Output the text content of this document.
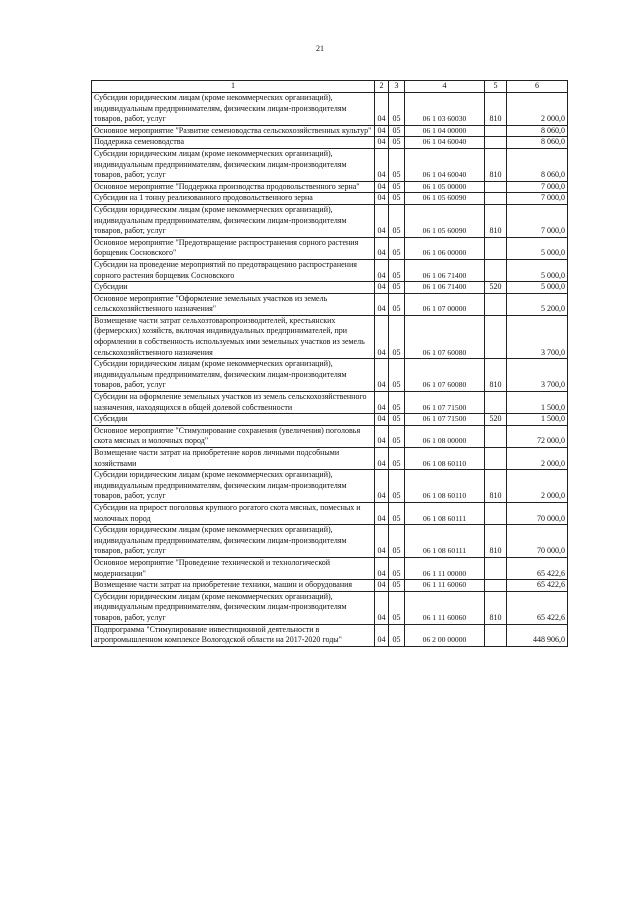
21
1	2	3	4	5	6
Субсидии юридическим лицам (кроме некоммерческих организаций), индивидуальным предпринимателям, физическим лицам-производителям товаров, работ, услуг	04	05	06 1 03 60030	810	2 000,0
Основное мероприятие "Развитие семеноводства сельскохозяйственных культур"	04	05	06 1 04 00000		8 060,0
Поддержка семеноводства	04	05	06 1 04 60040		8 060,0
Субсидии юридическим лицам (кроме некоммерческих организаций), индивидуальным предпринимателям, физическим лицам-производителям товаров, работ, услуг	04	05	06 1 04 60040	810	8 060,0
Основное мероприятие "Поддержка производства продовольственного зерна"	04	05	06 1 05 00000		7 000,0
Субсидии на 1 тонну реализованного продовольственного зерна	04	05	06 1 05 60090		7 000,0
Субсидии юридическим лицам (кроме некоммерческих организаций), индивидуальным предпринимателям, физическим лицам-производителям товаров, работ, услуг	04	05	06 1 05 60090	810	7 000,0
Основное мероприятие "Предотвращение распространения сорного растения борщевик Сосновского"	04	05	06 1 06 00000		5 000,0
Субсидии на проведение мероприятий по предотвращению распространения сорного растения борщевик Сосновского	04	05	06 1 06 71400		5 000,0
Субсидии	04	05	06 1 06 71400	520	5 000,0
Основное мероприятие "Оформление земельных участков из земель сельскохозяйственного назначения"	04	05	06 1 07 00000		5 200,0
Возмещение части затрат сельхозтоваропроизводителей, крестьянских (фермерских) хозяйств, включая индивидуальных предпринимателей, при оформлении в собственность используемых ими земельных участков из земель сельскохозяйственного назначения	04	05	06 1 07 60080		3 700,0
Субсидии юридическим лицам (кроме некоммерческих организаций), индивидуальным предпринимателям, физическим лицам-производителям товаров, работ, услуг	04	05	06 1 07 60080	810	3 700,0
Субсидии на оформление земельных участков из земель сельскохозяйственного назначения, находящихся в общей долевой собственности	04	05	06 1 07 71500		1 500,0
Субсидии	04	05	06 1 07 71500	520	1 500,0
Основное мероприятие "Стимулирование сохранения (увеличения) поголовья скота мясных и молочных пород"	04	05	06 1 08 00000		72 000,0
Возмещение части затрат на приобретение коров личными подсобными хозяйствами	04	05	06 1 08 60110		2 000,0
Субсидии юридическим лицам (кроме некоммерческих организаций), индивидуальным предпринимателям, физическим лицам-производителям товаров, работ, услуг	04	05	06 1 08 60110	810	2 000,0
Субсидии на прирост поголовья крупного рогатого скота мясных, помесных и молочных пород	04	05	06 1 08 60111		70 000,0
Субсидии юридическим лицам (кроме некоммерческих организаций), индивидуальным предпринимателям, физическим лицам-производителям товаров, работ, услуг	04	05	06 1 08 60111	810	70 000,0
Основное мероприятие "Проведение технической и технологической модернизации"	04	05	06 1 11 00000		65 422,6
Возмещение части затрат на приобретение техники, машин и оборудования	04	05	06 1 11 60060		65 422,6
Субсидии юридическим лицам (кроме некоммерческих организаций), индивидуальным предпринимателям, физическим лицам-производителям товаров, работ, услуг	04	05	06 1 11 60060	810	65 422,6
Подпрограмма "Стимулирование инвестиционной деятельности в агропромышленном комплексе Вологодской области на 2017-2020 годы"	04	05	06 2 00 00000		448 906,0
